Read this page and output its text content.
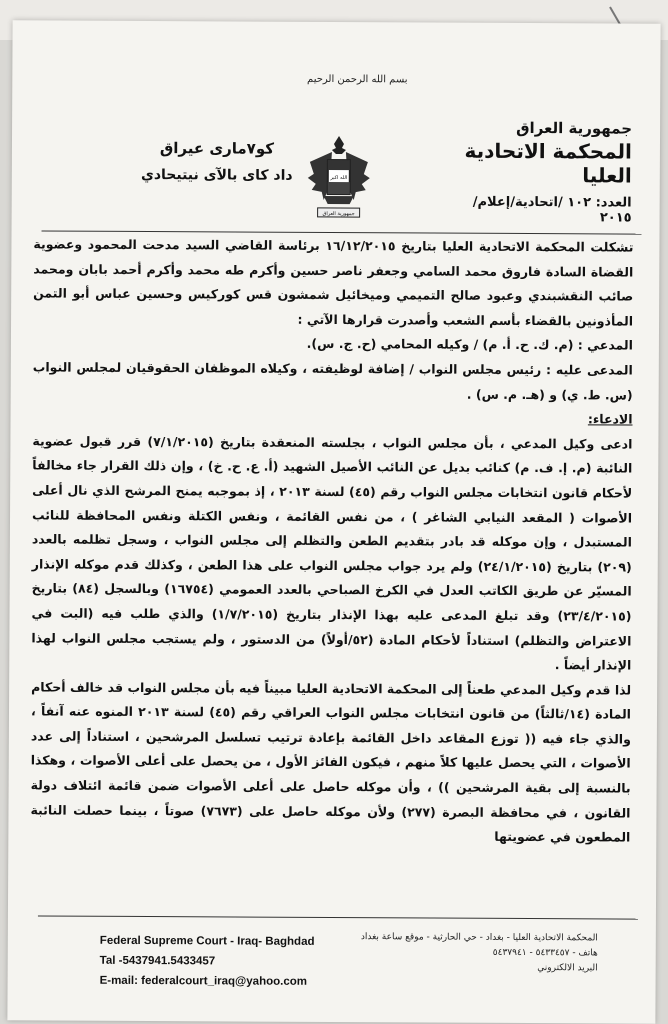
بسم الله الرحمن الرحيم
جمهورية العراق
المحكمة الاتحادية العليا
العدد: ١٠٢ /اتحادية/إعلام/ ٢٠١٥
الله اكبر
جمهورية العراق
كو٧ماری عیراق
داد کای بالآی نیتیحادي

تشكلت المحكمة الاتحادية العليا بتاريخ ١٦/١٢/٢٠١٥ برئاسة القاضي السيد مدحت المحمود وعضوية القضاة السادة فاروق محمد السامي وجعفر ناصر حسين وأكرم طه محمد وأكرم أحمد بابان ومحمد صائب النقشبندي وعبود صالح التميمي وميخائيل شمشون قس كوركيس وحسين عباس أبو التمن المأذونين بالقضاء بأسم الشعب وأصدرت قرارها الآتي :

المدعي : (م. ك. ح. أ. م) / وكيله المحامي (ح. ج. س).

المدعى عليه : رئيس مجلس النواب / إضافة لوظيفته ، وكيلاه الموظفان الحقوقيان لمجلس النواب (س. ط. ي) و (هـ. م. س) .

الادعاء:

ادعى وكيل المدعي ، بأن مجلس النواب ، بجلسته المنعقدة بتاريخ (٧/١/٢٠١٥) قرر قبول عضوية النائبة (م. إ. ف. م) كنائب بديل عن النائب الأصيل الشهيد (أ. ع. ح. خ) ، وإن ذلك القرار جاء مخالفاً لأحكام قانون انتخابات مجلس النواب رقم (٤٥) لسنة ٢٠١٣ ، إذ بموجبه يمنح المرشح الذي نال أعلى الأصوات ( المقعد النيابي الشاغر ) ، من نفس القائمة ، ونفس الكتلة ونفس المحافظة للنائب المستبدل ، وإن موكله قد بادر بتقديم الطعن والتظلم إلى مجلس النواب ، وسجل تظلمه بالعدد (٢٠٩) بتاريخ (٢٤/١/٢٠١٥) ولم يرد جواب مجلس النواب على هذا الطعن ، وكذلك قدم موكله الإنذار المسيّر عن طريق الكاتب العدل في الكرخ الصباحي بالعدد العمومي (١٦٧٥٤) وبالسجل (٨٤) بتاريخ (٢٣/٤/٢٠١٥) وقد تبلغ المدعى عليه بهذا الإنذار بتاريخ (١/٧/٢٠١٥) والذي طلب فيه (البت في الاعتراض والتظلم) استناداً لأحكام المادة (٥٢/أولاً) من الدستور ، ولم يستجب مجلس النواب لهذا الإنذار أيضاً .

لذا قدم وكيل المدعي طعناً إلى المحكمة الاتحادية العليا مبيناً فيه بأن مجلس النواب قد خالف أحكام المادة (١٤/ثالثاً) من قانون انتخابات مجلس النواب العراقي رقم (٤٥) لسنة ٢٠١٣ المنوه عنه آنفاً ، والذي جاء فيه (( توزع المقاعد داخل القائمة بإعادة ترتيب تسلسل المرشحين ، استناداً إلى عدد الأصوات ، التي يحصل عليها كلاً منهم ، فيكون الفائز الأول ، من يحصل على أعلى الأصوات ، وهكذا بالنسبة إلى بقية المرشحين )) ، وأن موكله حاصل على أعلى الأصوات ضمن قائمة ائتلاف دولة القانون ، في محافظة البصرة (٢٧٧) ولأن موكله حاصل على (٧٦٧٣) صوتاً ، بينما حصلت النائبة المطعون في عضويتها

Federal Supreme Court - Iraq- Baghdad
Tal -5437941.5433457
E-mail: federalcourt_iraq@yahoo.com
المحكمة الاتحادية العليا - بغداد - حي الحارثية - موقع ساعة بغداد
هاتف - ٥٤٣٣٤٥٧ - ٥٤٣٧٩٤١
البريد الالكتروني
